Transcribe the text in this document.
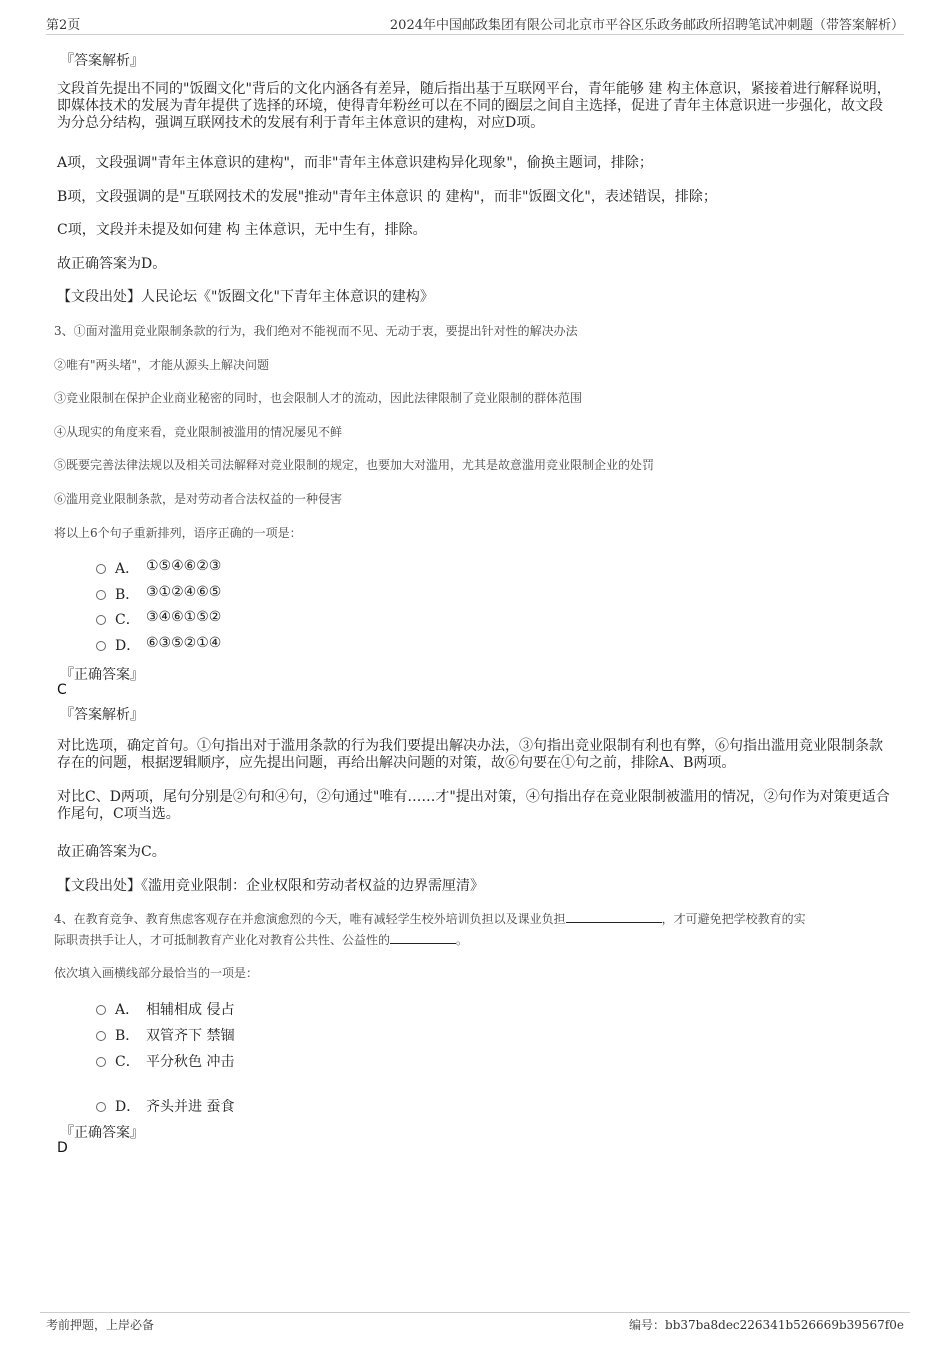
第2页	2024年中国邮政集团有限公司北京市平谷区乐政务邮政所招聘笔试冲刺题（带答案解析）
『答案解析』
文段首先提出不同的"饭圈文化"背后的文化内涵各有差异，随后指出基于互联网平台，青年能够 建 构主体意识，紧接着进行解释说明，即媒体技术的发展为青年提供了选择的环境，使得青年粉丝可以在不同的圈层之间自主选择，促进了青年主体意识进一步强化，故文段为分总分结构，强调互联网技术的发展有利于青年主体意识的建构，对应D项。
A项，文段强调"青年主体意识的建构"，而非"青年主体意识建构异化现象"，偷换主题词，排除；
B项，文段强调的是"互联网技术的发展"推动"青年主体意识 的 建构"，而非"饭圈文化"，表述错误，排除；
C项，文段并未提及如何建 构 主体意识，无中生有，排除。
故正确答案为D。
【文段出处】人民论坛《"饭圈文化"下青年主体意识的建构》
3、①面对滥用竞业限制条款的行为，我们绝对不能视而不见、无动于衷，要提出针对性的解决办法
②唯有"两头堵"，才能从源头上解决问题
③竞业限制在保护企业商业秘密的同时，也会限制人才的流动，因此法律限制了竞业限制的群体范围
④从现实的角度来看，竞业限制被滥用的情况屡见不鲜
⑤既要完善法律法规以及相关司法解释对竞业限制的规定，也要加大对滥用，尤其是故意滥用竞业限制企业的处罚
⑥滥用竞业限制条款，是对劳动者合法权益的一种侵害
将以上6个句子重新排列，语序正确的一项是：
A． ①⑤④⑥②③
B． ③①②④⑥⑤
C． ③④⑥①⑤②
D． ⑥③⑤②①④
『正确答案』
C
『答案解析』
对比选项，确定首句。①句指出对于滥用条款的行为我们要提出解决办法，③句指出竞业限制有利也有弊，⑥句指出滥用竞业限制条款存在的问题，根据逻辑顺序，应先提出问题，再给出解决问题的对策，故⑥句要在①句之前，排除A、B两项。
对比C、D两项，尾句分别是②句和④句，②句通过"唯有……才"提出对策，④句指出存在竞业限制被滥用的情况，②句作为对策更适合作尾句，C项当选。
故正确答案为C。
【文段出处】《滥用竞业限制：企业权限和劳动者权益的边界需厘清》
4、在教育竞争、教育焦虑客观存在并愈演愈烈的今天，唯有减轻学生校外培训负担以及课业负担	，才可避免把学校教育的实
际职责拱手让人，才可抵制教育产业化对教育公共性、公益性的	。
依次填入画横线部分最恰当的一项是：
A． 相辅相成 侵占
B． 双管齐下 禁锢
C． 平分秋色 冲击
D． 齐头并进 蚕食
『正确答案』
D
考前押题，上岸必备	编号：bb37ba8dec226341b526669b39567f0e
